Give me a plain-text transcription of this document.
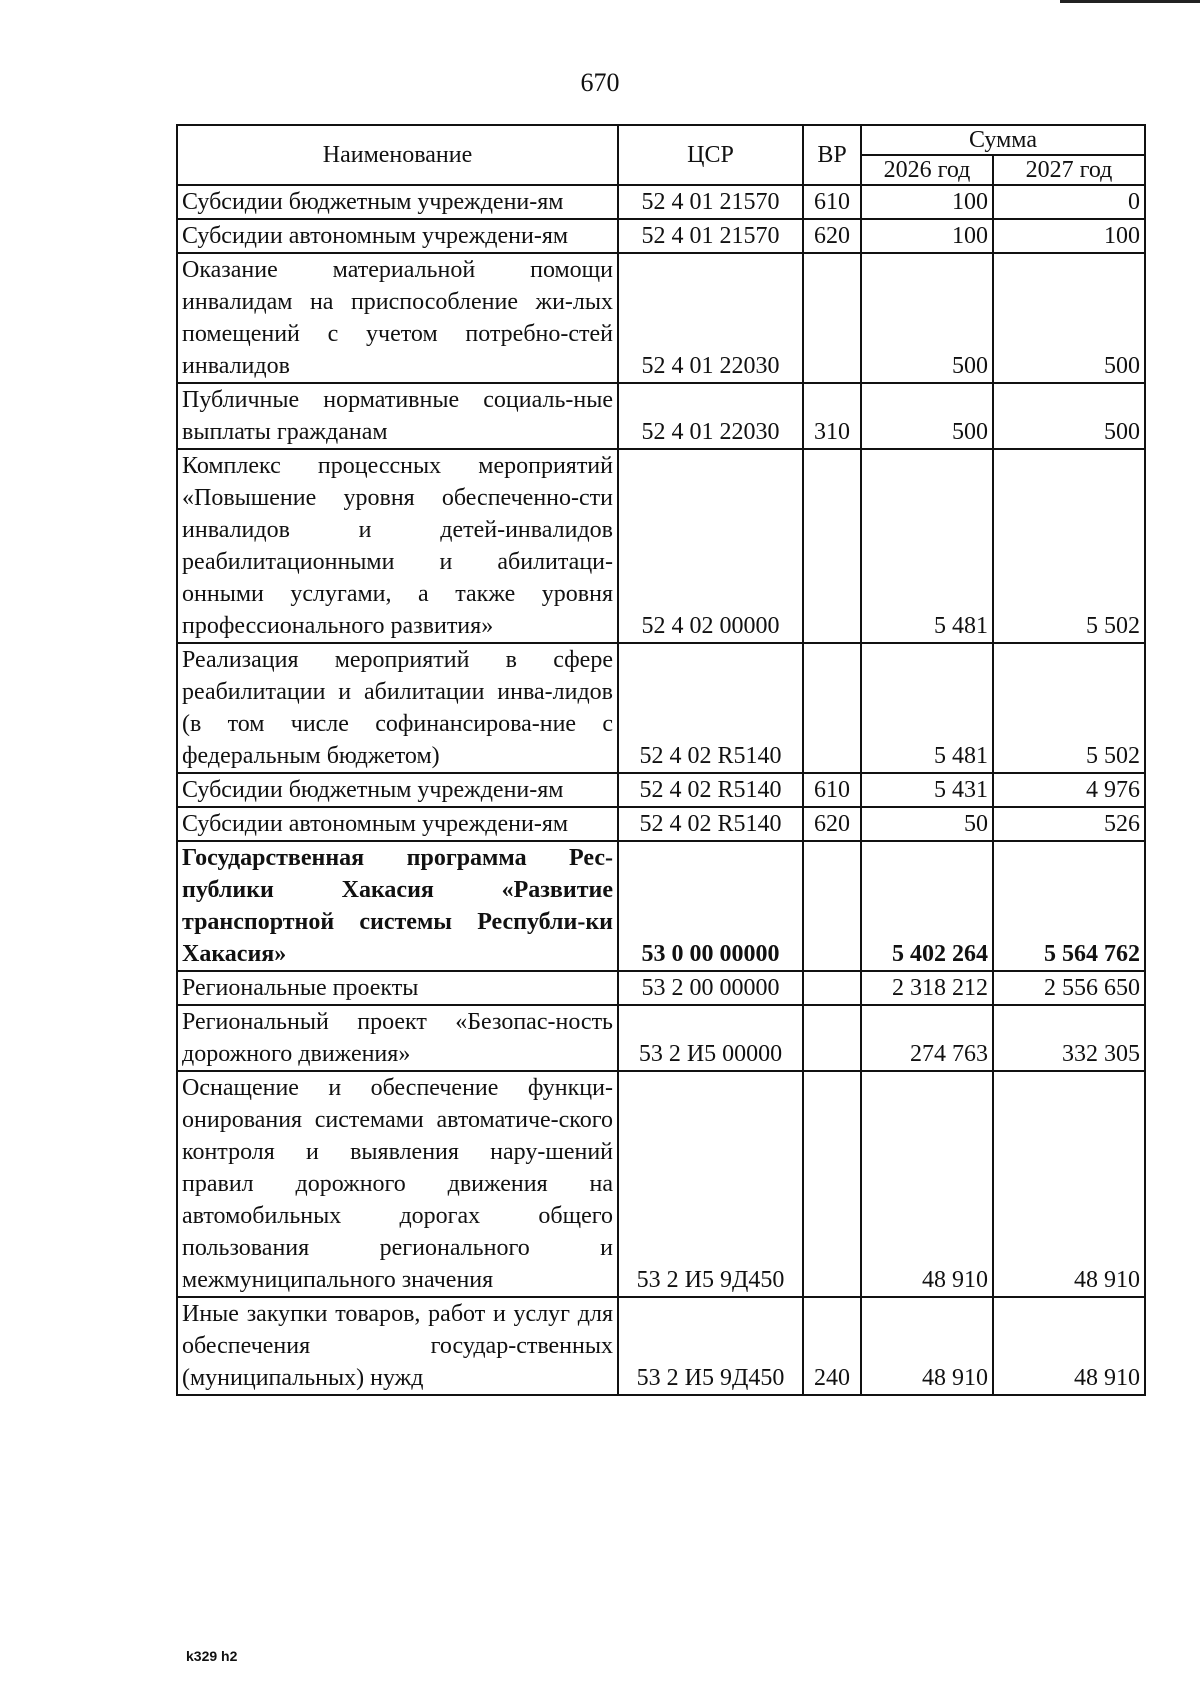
670
Наименование	ЦСР	ВР	Сумма	
			2026 год	2027 год
Субсидии бюджетным учреждени-ям	52 4 01 21570	610	100	0
Субсидии автономным учреждени-ям	52 4 01 21570	620	100	100
Оказание материальной помощи инвалидам на приспособление жи-лых помещений с учетом потребно-стей инвалидов	52 4 01 22030		500	500
Публичные нормативные социаль-ные выплаты гражданам	52 4 01 22030	310	500	500
Комплекс процессных мероприятий «Повышение уровня обеспеченно-сти инвалидов и детей-инвалидов реабилитационными и абилитаци-онными услугами, а также уровня профессионального развития»	52 4 02 00000		5 481	5 502
Реализация мероприятий в сфере реабилитации и абилитации инва-лидов (в том числе софинансирова-ние с федеральным бюджетом)	52 4 02 R5140		5 481	5 502
Субсидии бюджетным учреждени-ям	52 4 02 R5140	610	5 431	4 976
Субсидии автономным учреждени-ям	52 4 02 R5140	620	50	526
Государственная программа Рес-публики Хакасия «Развитие транспортной системы Республи-ки Хакасия»	53 0 00 00000		5 402 264	5 564 762
Региональные проекты	53 2 00 00000		2 318 212	2 556 650
Региональный проект «Безопас-ность дорожного движения»	53 2 И5 00000		274 763	332 305
Оснащение и обеспечение функци-онирования системами автоматиче-ского контроля и выявления нару-шений правил дорожного движения на автомобильных дорогах общего пользования регионального и межмуниципального значения	53 2 И5 9Д450		48 910	48 910
Иные закупки товаров, работ и услуг для обеспечения государ-ственных (муниципальных) нужд	53 2 И5 9Д450	240	48 910	48 910
k329 h2
